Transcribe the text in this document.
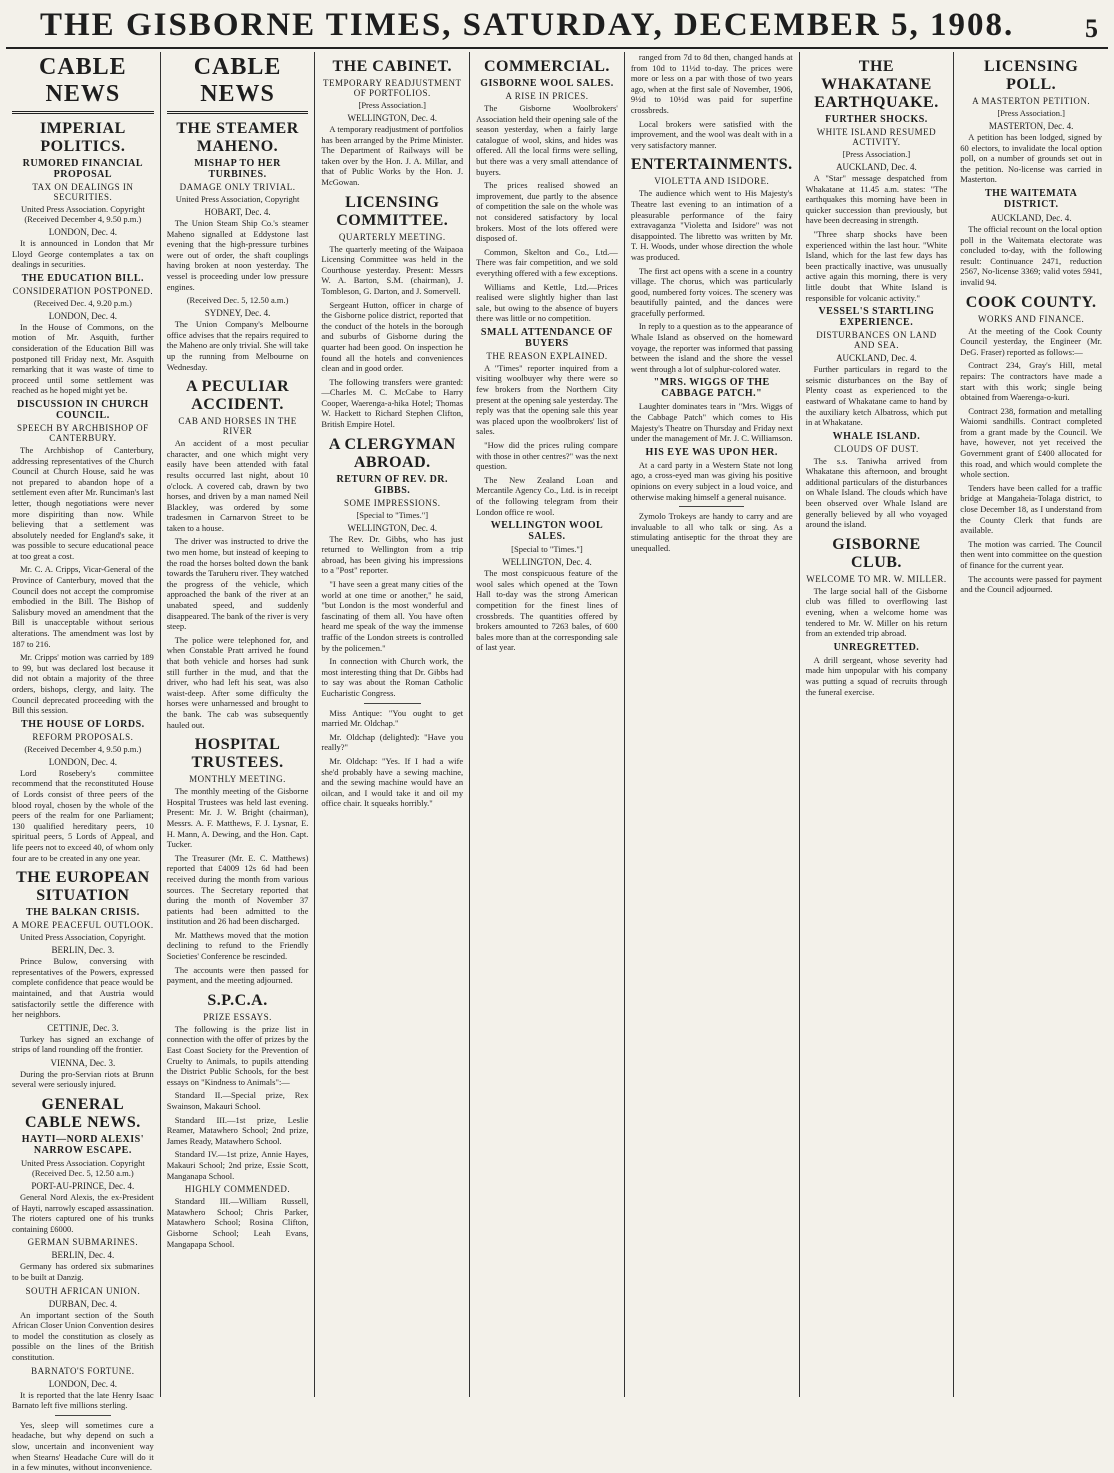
THE GISBORNE TIMES, SATURDAY, DECEMBER 5, 1908.	5
CABLE NEWS
IMPERIAL POLITICS.
RUMORED FINANCIAL PROPOSAL
TAX ON DEALINGS IN SECURITIES.
United Press Association. Copyright (Received December 4, 9.50 p.m.)
LONDON, Dec. 4.

It is announced in London that Mr Lloyd George contemplates a tax on dealings in securities.

THE EDUCATION BILL.
CONSIDERATION POSTPONED.
(Received Dec. 4, 9.20 p.m.)
LONDON, Dec. 4.

In the House of Commons, on the motion of Mr. Asquith, further consideration of the Education Bill was postponed till Friday next, Mr. Asquith remarking that it was waste of time to proceed until some settlement was reached as he hoped might yet be.

DISCUSSION IN CHURCH COUNCIL.
SPEECH BY ARCHBISHOP OF CANTERBURY.

The Archbishop of Canterbury, addressing representatives of the Church Council at Church House, said he was not prepared to abandon hope of a settlement even after Mr. Runciman's last letter, though negotiations were never more dispiriting than now. While believing that a settlement was absolutely needed for England's sake, it was possible to secure educational peace at too great a cost.

Mr. C. A. Cripps, Vicar-General of the Province of Canterbury, moved that the Council does not accept the compromise embodied in the Bill. The Bishop of Salisbury moved an amendment that the Bill is unacceptable without serious alterations. The amendment was lost by 187 to 216.

Mr. Cripps' motion was carried by 189 to 99, but was declared lost because it did not obtain a majority of the three orders, bishops, clergy, and laity. The Council deprecated proceeding with the Bill this session.

THE HOUSE OF LORDS.
REFORM PROPOSALS.
(Received December 4, 9.50 p.m.)
LONDON, Dec. 4.

Lord Rosebery's committee recommend that the reconstituted House of Lords consist of three peers of the blood royal, chosen by the whole of the peers of the realm for one Parliament; 130 qualified hereditary peers, 10 spiritual peers, 5 Lords of Appeal, and life peers not to exceed 40, of whom only four are to be created in any one year.

THE EUROPEAN SITUATION
THE BALKAN CRISIS.
A MORE PEACEFUL OUTLOOK.
United Press Association, Copyright.
BERLIN, Dec. 3.

Prince Bulow, conversing with representatives of the Powers, expressed complete confidence that peace would be maintained, and that Austria would satisfactorily settle the difference with her neighbors.

CETTINJE, Dec. 3.

Turkey has signed an exchange of strips of land rounding off the frontier.

VIENNA, Dec. 3.

During the pro-Servian riots at Brunn several were seriously injured.

GENERAL CABLE NEWS.
HAYTI—NORD ALEXIS' NARROW ESCAPE.
United Press Association. Copyright (Received Dec. 5, 12.50 a.m.)
PORT-AU-PRINCE, Dec. 4.

General Nord Alexis, the ex-President of Hayti, narrowly escaped assassination. The rioters captured one of his trunks containing £6000.

GERMAN SUBMARINES.
BERLIN, Dec. 4.

Germany has ordered six submarines to be built at Danzig.

SOUTH AFRICAN UNION.
DURBAN, Dec. 4.

An important section of the South African Closer Union Convention desires to model the constitution as closely as possible on the lines of the British constitution.

BARNATO'S FORTUNE.
LONDON, Dec. 4.

It is reported that the late Henry Isaac Barnato left five millions sterling.

Yes, sleep will sometimes cure a headache, but why depend on such a slow, uncertain and inconvenient way when Stearns' Headache Cure will do it in a few minutes, without inconvenience.

CABLE NEWS
THE STEAMER MAHENO.
MISHAP TO HER TURBINES.
DAMAGE ONLY TRIVIAL.
United Press Association, Copyright
HOBART, Dec. 4.

The Union Steam Ship Co.'s steamer Maheno signalled at Eddystone last evening that the high-pressure turbines were out of order, the shaft couplings having broken at noon yesterday. The vessel is proceeding under low pressure engines.

(Received Dec. 5, 12.50 a.m.)
SYDNEY, Dec. 4.

The Union Company's Melbourne office advises that the repairs required to the Maheno are only trivial. She will take up the running from Melbourne on Wednesday.

A PECULIAR ACCIDENT.
CAB AND HORSES IN THE RIVER

An accident of a most peculiar character, and one which might very easily have been attended with fatal results occurred last night, about 10 o'clock. A covered cab, drawn by two horses, and driven by a man named Neil Blackley, was ordered by some tradesmen in Carnarvon Street to be taken to a house.

The driver was instructed to drive the two men home, but instead of keeping to the road the horses bolted down the bank towards the Taruheru river. They watched the progress of the vehicle, which approached the bank of the river at an unabated speed, and suddenly disappeared. The bank of the river is very steep.

The police were telephoned for, and when Constable Pratt arrived he found that both vehicle and horses had sunk still further in the mud, and that the driver, who had left his seat, was also waist-deep. After some difficulty the horses were unharnessed and brought to the bank. The cab was subsequently hauled out.

HOSPITAL TRUSTEES.
MONTHLY MEETING.

The monthly meeting of the Gisborne Hospital Trustees was held last evening. Present: Mr. J. W. Bright (chairman), Messrs. A. F. Matthews, F. J. Lysnar, E. H. Mann, A. Dewing, and the Hon. Capt. Tucker.

The Treasurer (Mr. E. C. Matthews) reported that £4009 12s 6d had been received during the month from various sources. The Secretary reported that during the month of November 37 patients had been admitted to the institution and 26 had been discharged.

Mr. Matthews moved that the motion declining to refund to the Friendly Societies' Conference be rescinded.

The accounts were then passed for payment, and the meeting adjourned.

S.P.C.A.
PRIZE ESSAYS.

The following is the prize list in connection with the offer of prizes by the East Coast Society for the Prevention of Cruelty to Animals, to pupils attending the District Public Schools, for the best essays on "Kindness to Animals":—

Standard II.—Special prize, Rex Swainson, Makauri School.

Standard III.—1st prize, Leslie Reamer, Matawhero School; 2nd prize, James Ready, Matawhero School.

Standard IV.—1st prize, Annie Hayes, Makauri School; 2nd prize, Essie Scott, Manganapa School.

HIGHLY COMMENDED.

Standard III.—William Russell, Matawhero School; Chris Parker, Matawhero School; Rosina Clifton, Gisborne School; Leah Evans, Mangapapa School.

THE CABINET.
TEMPORARY READJUSTMENT OF PORTFOLIOS.
[Press Association.]
WELLINGTON, Dec. 4.

A temporary readjustment of portfolios has been arranged by the Prime Minister. The Department of Railways will be taken over by the Hon. J. A. Millar, and that of Public Works by the Hon. J. McGowan.

LICENSING COMMITTEE.
QUARTERLY MEETING.

The quarterly meeting of the Waipaoa Licensing Committee was held in the Courthouse yesterday. Present: Messrs W. A. Barton, S.M. (chairman), J. Tombleson, G. Darton, and J. Somervell.

Sergeant Hutton, officer in charge of the Gisborne police district, reported that the conduct of the hotels in the borough and suburbs of Gisborne during the quarter had been good. On inspection he found all the hotels and conveniences clean and in good order.

The following transfers were granted:—Charles M. C. McCabe to Harry Cooper, Waerenga-a-hika Hotel; Thomas W. Hackett to Richard Stephen Clifton, British Empire Hotel.

A CLERGYMAN ABROAD.
RETURN OF REV. DR. GIBBS.
SOME IMPRESSIONS.
[Special to "Times."]
WELLINGTON, Dec. 4.

The Rev. Dr. Gibbs, who has just returned to Wellington from a trip abroad, has been giving his impressions to a "Post" reporter.

"I have seen a great many cities of the world at one time or another," he said, "but London is the most wonderful and fascinating of them all. You have often heard me speak of the way the immense traffic of the London streets is controlled by the policemen."

In connection with Church work, the most interesting thing that Dr. Gibbs had to say was about the Roman Catholic Eucharistic Congress.

Miss Antique: "You ought to get married Mr. Oldchap."

Mr. Oldchap (delighted): "Have you really?"

Mr. Oldchap: "Yes. If I had a wife she'd probably have a sewing machine, and the sewing machine would have an oilcan, and I would take it and oil my office chair. It squeaks horribly."

COMMERCIAL.
GISBORNE WOOL SALES.
A RISE IN PRICES.

The Gisborne Woolbrokers' Association held their opening sale of the season yesterday, when a fairly large catalogue of wool, skins, and hides was offered. All the local firms were selling, but there was a very small attendance of buyers.

The prices realised showed an improvement, due partly to the absence of competition the sale on the whole was not considered satisfactory by local brokers. Most of the lots offered were disposed of.

Common, Skelton and Co., Ltd.—There was fair competition, and we sold everything offered with a few exceptions.

Williams and Kettle, Ltd.—Prices realised were slightly higher than last sale, but owing to the absence of buyers there was little or no competition.

SMALL ATTENDANCE OF BUYERS
THE REASON EXPLAINED.

A "Times" reporter inquired from a visiting woolbuyer why there were so few brokers from the Northern City present at the opening sale yesterday. The reply was that the opening sale this year was placed upon the woolbrokers' list of sales.

"How did the prices ruling compare with those in other centres?" was the next question.

The New Zealand Loan and Mercantile Agency Co., Ltd. is in receipt of the following telegram from their London office re wool.

WELLINGTON WOOL SALES.
[Special to "Times."]
WELLINGTON, Dec. 4.

The most conspicuous feature of the wool sales which opened at the Town Hall to-day was the strong American competition for the finest lines of crossbreds. The quantities offered by brokers amounted to 7263 bales, of 600 bales more than at the corresponding sale of last year.

ranged from 7d to 8d then, changed hands at from 10d to 11½d to-day. The prices were more or less on a par with those of two years ago, when at the first sale of November, 1906, 9½d to 10½d was paid for superfine crossbreds.

Local brokers were satisfied with the improvement, and the wool was dealt with in a very satisfactory manner.

ENTERTAINMENTS.
VIOLETTA AND ISIDORE.

The audience which went to His Majesty's Theatre last evening to an intimation of a pleasurable performance of the fairy extravaganza "Violetta and Isidore" was not disappointed. The libretto was written by Mr. T. H. Woods, under whose direction the whole was produced.

The first act opens with a scene in a country village. The chorus, which was particularly good, numbered forty voices. The scenery was beautifully painted, and the dances were gracefully performed.

In reply to a question as to the appearance of Whale Island as observed on the homeward voyage, the reporter was informed that passing between the island and the shore the vessel went through a lot of sulphur-colored water.

"MRS. WIGGS OF THE CABBAGE PATCH."

Laughter dominates tears in "Mrs. Wiggs of the Cabbage Patch" which comes to His Majesty's Theatre on Thursday and Friday next under the management of Mr. J. C. Williamson.

HIS EYE WAS UPON HER.

At a card party in a Western State not long ago, a cross-eyed man was giving his positive opinions on every subject in a loud voice, and otherwise making himself a general nuisance.

Zymolo Trokeys are handy to carry and are invaluable to all who talk or sing. As a stimulating antiseptic for the throat they are unequalled.

THE WHAKATANE EARTHQUAKE.
FURTHER SHOCKS.
WHITE ISLAND RESUMED ACTIVITY.
[Press Association.]
AUCKLAND, Dec. 4.

A "Star" message despatched from Whakatane at 11.45 a.m. states: "The earthquakes this morning have been in quicker succession than previously, but have been decreasing in strength.

"Three sharp shocks have been experienced within the last hour. "White Island, which for the last few days has been practically inactive, was unusually active again this morning, there is very little doubt that White Island is responsible for volcanic activity."

VESSEL'S STARTLING EXPERIENCE.
DISTURBANCES ON LAND AND SEA.
AUCKLAND, Dec. 4.

Further particulars in regard to the seismic disturbances on the Bay of Plenty coast as experienced to the eastward of Whakatane came to hand by the auxiliary ketch Albatross, which put in at Whakatane.

WHALE ISLAND.
CLOUDS OF DUST.

The s.s. Taniwha arrived from Whakatane this afternoon, and brought additional particulars of the disturbances on Whale Island. The clouds which have been observed over Whale Island are generally believed by all who voyaged around the island.

GISBORNE CLUB.
WELCOME TO MR. W. MILLER.

The large social hall of the Gisborne club was filled to overflowing last evening, when a welcome home was tendered to Mr. W. Miller on his return from an extended trip abroad.

UNREGRETTED.

A drill sergeant, whose severity had made him unpopular with his company was putting a squad of recruits through the funeral exercise.

LICENSING POLL.
A MASTERTON PETITION.
[Press Association.]
MASTERTON, Dec. 4.

A petition has been lodged, signed by 60 electors, to invalidate the local option poll, on a number of grounds set out in the petition. No-license was carried in Masterton.

THE WAITEMATA DISTRICT.
AUCKLAND, Dec. 4.

The official recount on the local option poll in the Waitemata electorate was concluded to-day, with the following result: Continuance 2471, reduction 2567, No-license 3369; valid votes 5941, invalid 94.

COOK COUNTY.
WORKS AND FINANCE.

At the meeting of the Cook County Council yesterday, the Engineer (Mr. DeG. Fraser) reported as follows:—

Contract 234, Gray's Hill, metal repairs: The contractors have made a start with this work; single being obtained from Waerenga-o-kuri.

Contract 238, formation and metalling Waiomi sandhills. Contract completed from a grant made by the Council. We have, however, not yet received the Government grant of £400 allocated for this road, and which would complete the whole section.

Tenders have been called for a traffic bridge at Mangaheia-Tolaga district, to close December 18, as I understand from the County Clerk that funds are available.

The motion was carried. The Council then went into committee on the question of finance for the current year.

The accounts were passed for payment and the Council adjourned.
